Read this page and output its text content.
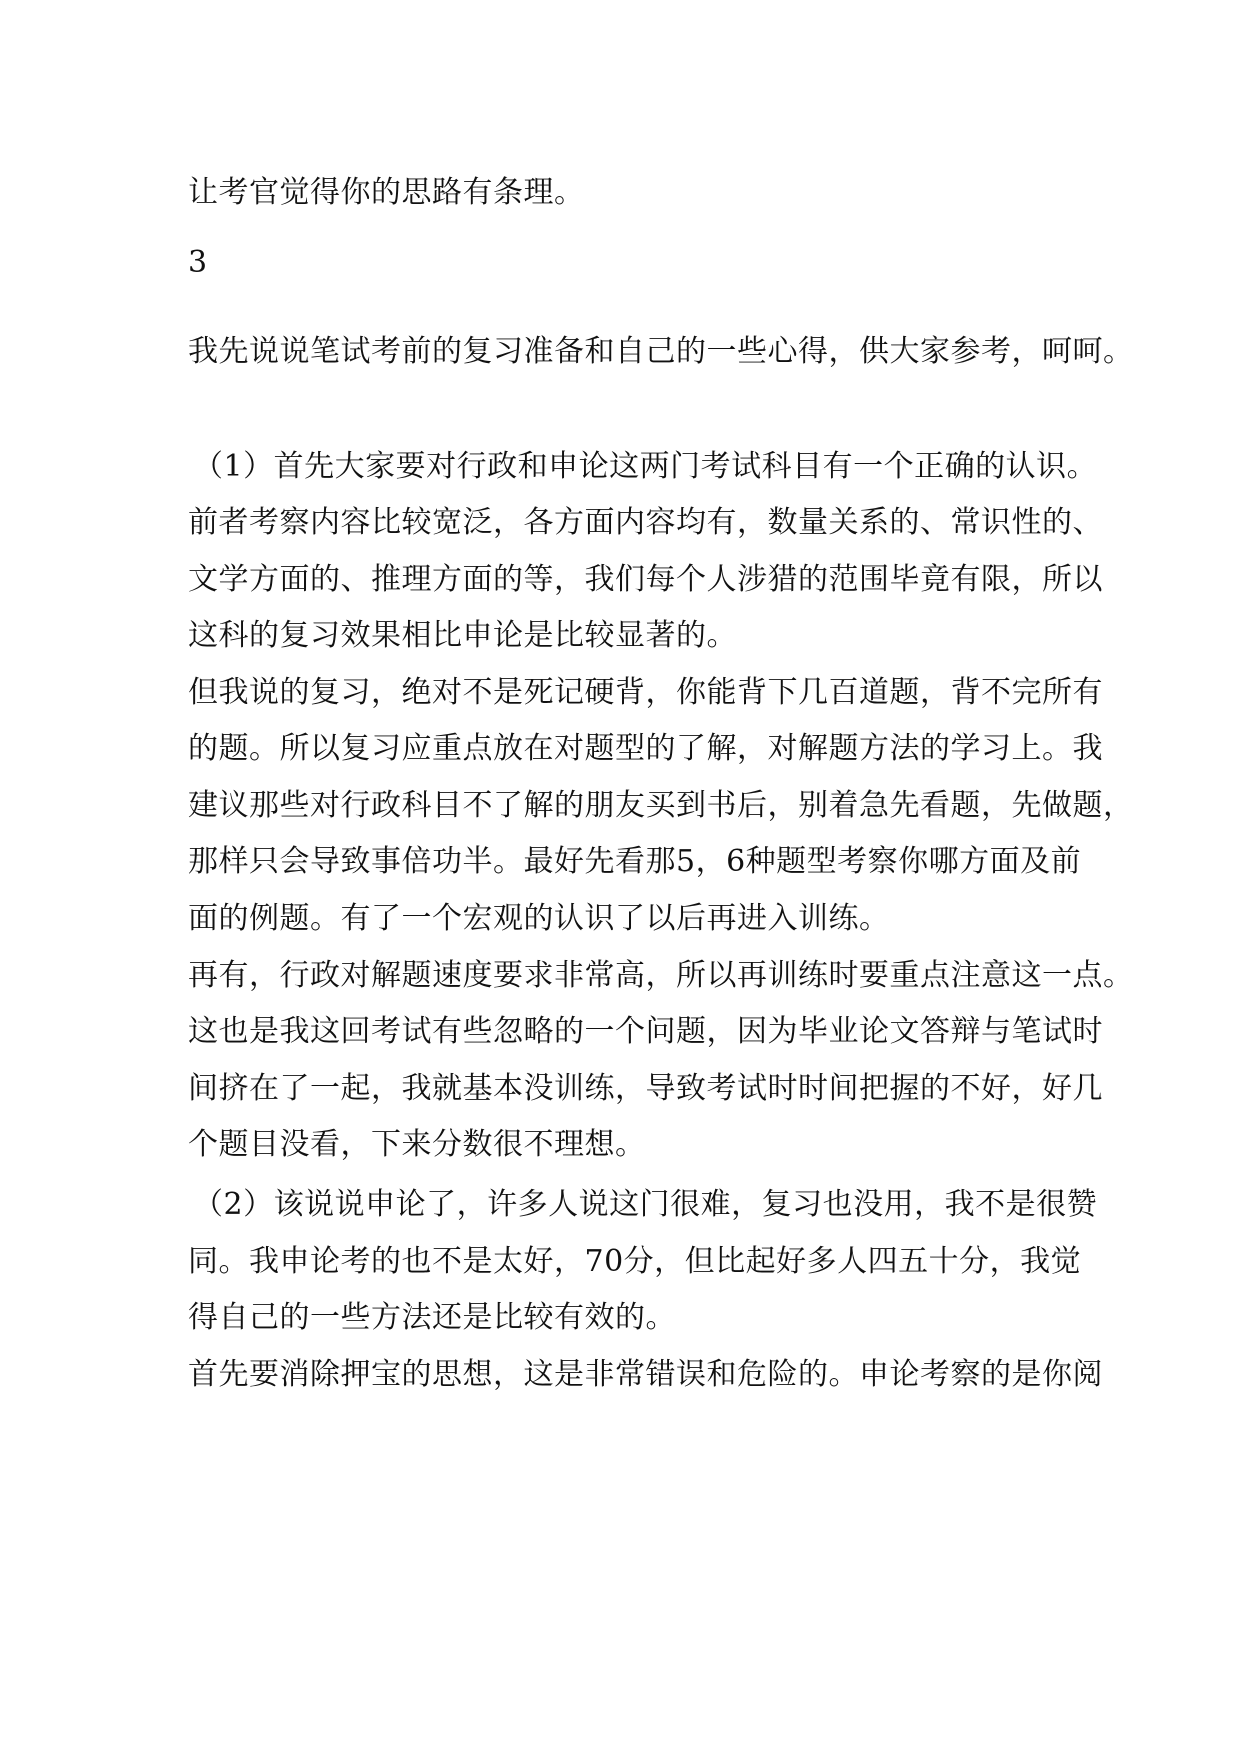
让考官觉得你的思路有条理。

3

我先说说笔试考前的复习准备和自己的一些心得，供大家参考，呵呵。

（1）首先大家要对行政和申论这两门考试科目有一个正确的认识。

前者考察内容比较宽泛，各方面内容均有，数量关系的、常识性的、

文学方面的、推理方面的等，我们每个人涉猎的范围毕竟有限，所以

这科的复习效果相比申论是比较显著的。

但我说的复习，绝对不是死记硬背，你能背下几百道题，背不完所有

的题。所以复习应重点放在对题型的了解，对解题方法的学习上。我

建议那些对行政科目不了解的朋友买到书后，别着急先看题，先做题，

那样只会导致事倍功半。最好先看那5，6种题型考察你哪方面及前

面的例题。有了一个宏观的认识了以后再进入训练。

再有，行政对解题速度要求非常高，所以再训练时要重点注意这一点。

这也是我这回考试有些忽略的一个问题，因为毕业论文答辩与笔试时

间挤在了一起，我就基本没训练，导致考试时时间把握的不好，好几

个题目没看，下来分数很不理想。

（2）该说说申论了，许多人说这门很难，复习也没用，我不是很赞

同。我申论考的也不是太好，70分，但比起好多人四五十分，我觉

得自己的一些方法还是比较有效的。

首先要消除押宝的思想，这是非常错误和危险的。申论考察的是你阅
